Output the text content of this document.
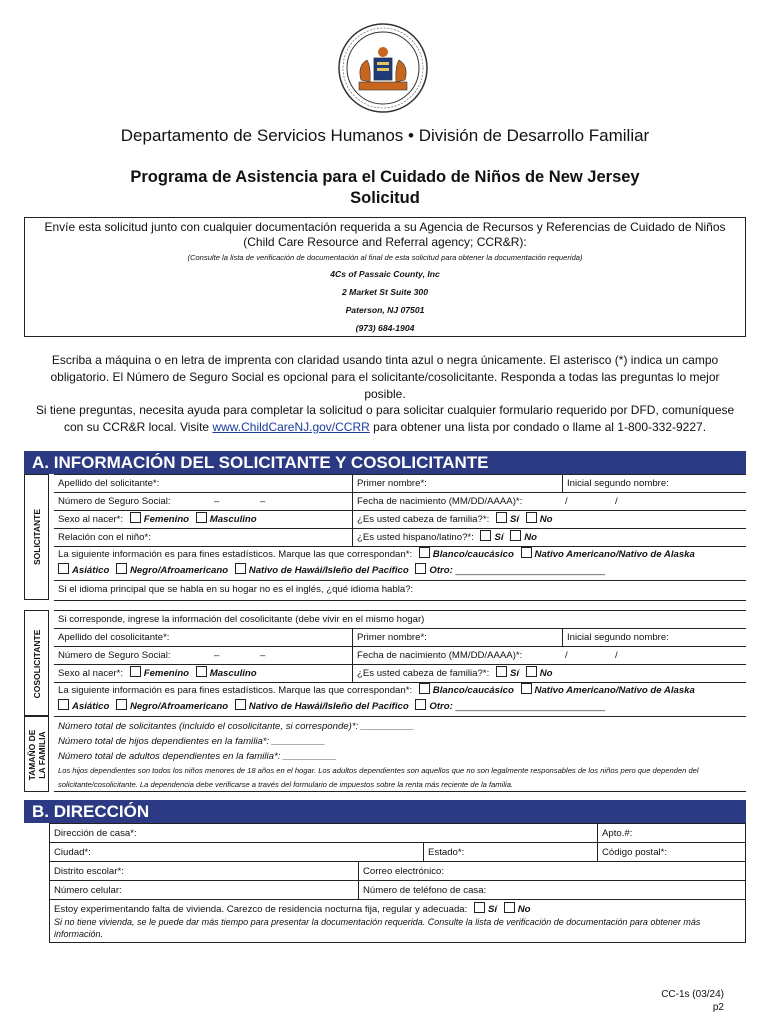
Departamento de Servicios Humanos • División de Desarrollo Familiar
Programa de Asistencia para el Cuidado de Niños de New Jersey
Solicitud
Envíe esta solicitud junto con cualquier documentación requerida a su Agencia de Recursos y Referencias de Cuidado de Niños (Child Care Resource and Referral agency; CCR&R):
(Consulte la lista de verificación de documentación al final de esta solicitud para obtener la documentación requerida)
4Cs of Passaic County, Inc
2 Market St Suite 300
Paterson, NJ 07501
(973) 684-1904
Escriba a máquina o en letra de imprenta con claridad usando tinta azul o negra únicamente. El asterisco (*) indica un campo obligatorio. El Número de Seguro Social es opcional para el solicitante/cosolicitante. Responda a todas las preguntas lo mejor posible.
Si tiene preguntas, necesita ayuda para completar la solicitud o para solicitar cualquier formulario requerido por DFD, comuníquese con su CCR&R local. Visite www.ChildCareNJ.gov/CCRR para obtener una lista por condado o llame al 1-800-332-9227.
A. INFORMACIÓN DEL SOLICITANTE Y COSOLICITANTE
SOLICITANTE
Apellido del solicitante*:	Primer nombre*:	Inicial segundo nombre:
Número de Seguro Social:	–	–	Fecha de nacimiento (MM/DD/AAAA)*:	/	/
Sexo al nacer*: Femenino Masculino	¿Es usted cabeza de familia?*: Sí No
Relación con el niño*:	¿Es usted hispano/latino?*: Sí No
La siguiente información es para fines estadísticos. Marque las que correspondan*: Blanco/caucásico Nativo Americano/Nativo de Alaska
Asiático Negro/Afroamericano Nativo de Hawái/Isleño del Pacífico Otro: ____________________________
Si el idioma principal que se habla en su hogar no es el inglés, ¿qué idioma habla?:
COSOLICITANTE
Si corresponde, ingrese la información del cosolicitante (debe vivir en el mismo hogar)
Apellido del cosolicitante*:	Primer nombre*:	Inicial segundo nombre:
Número de Seguro Social:	–	–	Fecha de nacimiento (MM/DD/AAAA)*:	/	/
Sexo al nacer*: Femenino Masculino	¿Es usted cabeza de familia?*: Sí No
La siguiente información es para fines estadísticos. Marque las que correspondan*: Blanco/caucásico Nativo Americano/Nativo de Alaska
Asiático Negro/Afroamericano Nativo de Hawái/Isleño del Pacífico Otro: ____________________________
TAMAÑO DE LA FAMILIA
Número total de solicitantes (incluido el cosolicitante, si corresponde)*: __________
Número total de hijos dependientes en la familia*: __________
Número total de adultos dependientes en la familia*: __________
Los hijos dependientes son todos los niños menores de 18 años en el hogar. Los adultos dependientes son aquellos que no son legalmente responsables de los niños pero que dependen del solicitante/cosolicitante. La dependencia debe verificarse a través del formulario de impuestos sobre la renta más reciente de la familia.
B. DIRECCIÓN
Dirección de casa*:	Apto.#:
Ciudad*:	Estado*:	Código postal*:
Distrito escolar*:	Correo electrónico:
Número celular:	Número de teléfono de casa:
Estoy experimentando falta de vivienda. Carezco de residencia nocturna fija, regular y adecuada: Sí No
Si no tiene vivienda, se le puede dar más tiempo para presentar la documentación requerida. Consulte la lista de verificación de documentación para obtener más información.
CC-1s (03/24)
p2
